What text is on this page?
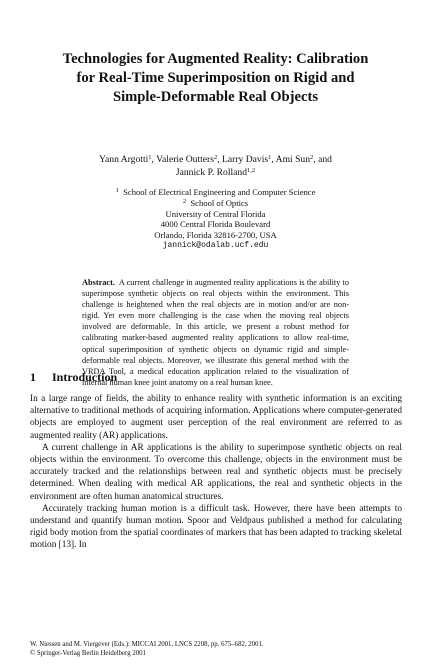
Technologies for Augmented Reality: Calibration
for Real-Time Superimposition on Rigid and
Simple-Deformable Real Objects
Yann Argotti$^1$, Valerie Outters$^2$, Larry Davis$^1$, Ami Sun$^2$, and
Jannick P. Rolland$^{1,2}$
$^1$ School of Electrical Engineering and Computer Science
$^2$ School of Optics
University of Central Florida
4000 Central Florida Boulevard
Orlando, Florida 32816-2700, USA
jannick@odalab.ucf.edu

Abstract. A current challenge in augmented reality applications is the ability to superimpose synthetic objects on real objects within the environment. This challenge is heightened when the real objects are in motion and/or are non-rigid. Yet even more challenging is the case when the moving real objects involved are deformable. In this article, we present a robust method for calibrating marker-based augmented reality applications to allow real-time, optical superimposition of synthetic objects on dynamic rigid and simple-deformable real objects. Moreover, we illustrate this general method with the VRDA Tool, a medical education application related to the visualization of internal human knee joint anatomy on a real human knee.

1 Introduction

In a large range of fields, the ability to enhance reality with synthetic information is an exciting alternative to traditional methods of acquiring information. Applications where computer-generated objects are employed to augment user perception of the real environment are referred to as augmented reality (AR) applications.

A current challenge in AR applications is the ability to superimpose synthetic objects on real objects within the environment. To overcome this challenge, objects in the environment must be accurately tracked and the relationships between real and synthetic objects must be precisely determined. When dealing with medical AR applications, the real and synthetic objects in the environment are often human anatomical structures.

Accurately tracking human motion is a difficult task. However, there have been attempts to understand and quantify human motion. Spoor and Veldpaus published a method for calculating rigid body motion from the spatial coordinates of markers that has been adapted to tracking skeletal motion [13]. In

W. Niessen and M. Viergever (Eds.): MICCAI 2001, LNCS 2208, pp. 675–682, 2001.
© Springer-Verlag Berlin Heidelberg 2001
